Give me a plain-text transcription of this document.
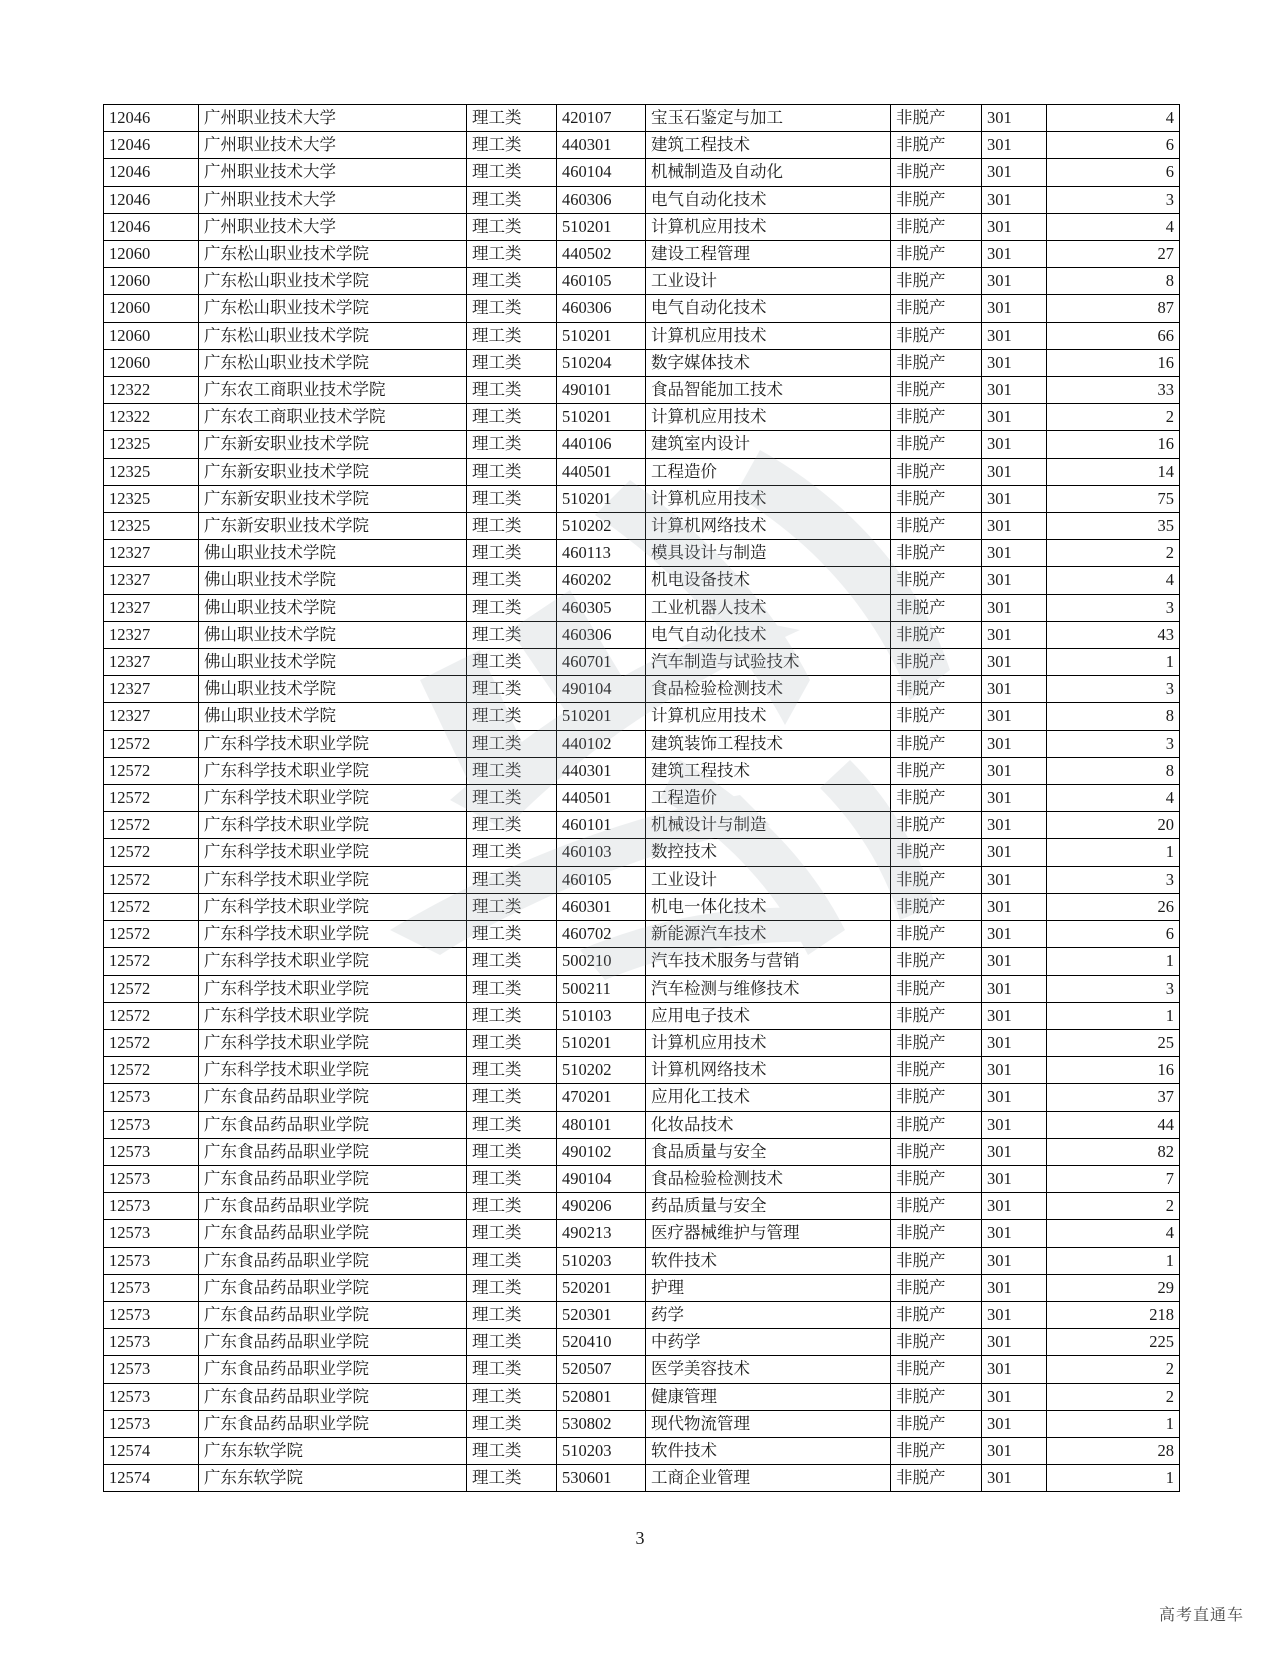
12046	广州职业技术大学	理工类	420107	宝玉石鉴定与加工	非脱产	301	4
12046	广州职业技术大学	理工类	440301	建筑工程技术	非脱产	301	6
12046	广州职业技术大学	理工类	460104	机械制造及自动化	非脱产	301	6
12046	广州职业技术大学	理工类	460306	电气自动化技术	非脱产	301	3
12046	广州职业技术大学	理工类	510201	计算机应用技术	非脱产	301	4
12060	广东松山职业技术学院	理工类	440502	建设工程管理	非脱产	301	27
12060	广东松山职业技术学院	理工类	460105	工业设计	非脱产	301	8
12060	广东松山职业技术学院	理工类	460306	电气自动化技术	非脱产	301	87
12060	广东松山职业技术学院	理工类	510201	计算机应用技术	非脱产	301	66
12060	广东松山职业技术学院	理工类	510204	数字媒体技术	非脱产	301	16
12322	广东农工商职业技术学院	理工类	490101	食品智能加工技术	非脱产	301	33
12322	广东农工商职业技术学院	理工类	510201	计算机应用技术	非脱产	301	2
12325	广东新安职业技术学院	理工类	440106	建筑室内设计	非脱产	301	16
12325	广东新安职业技术学院	理工类	440501	工程造价	非脱产	301	14
12325	广东新安职业技术学院	理工类	510201	计算机应用技术	非脱产	301	75
12325	广东新安职业技术学院	理工类	510202	计算机网络技术	非脱产	301	35
12327	佛山职业技术学院	理工类	460113	模具设计与制造	非脱产	301	2
12327	佛山职业技术学院	理工类	460202	机电设备技术	非脱产	301	4
12327	佛山职业技术学院	理工类	460305	工业机器人技术	非脱产	301	3
12327	佛山职业技术学院	理工类	460306	电气自动化技术	非脱产	301	43
12327	佛山职业技术学院	理工类	460701	汽车制造与试验技术	非脱产	301	1
12327	佛山职业技术学院	理工类	490104	食品检验检测技术	非脱产	301	3
12327	佛山职业技术学院	理工类	510201	计算机应用技术	非脱产	301	8
12572	广东科学技术职业学院	理工类	440102	建筑装饰工程技术	非脱产	301	3
12572	广东科学技术职业学院	理工类	440301	建筑工程技术	非脱产	301	8
12572	广东科学技术职业学院	理工类	440501	工程造价	非脱产	301	4
12572	广东科学技术职业学院	理工类	460101	机械设计与制造	非脱产	301	20
12572	广东科学技术职业学院	理工类	460103	数控技术	非脱产	301	1
12572	广东科学技术职业学院	理工类	460105	工业设计	非脱产	301	3
12572	广东科学技术职业学院	理工类	460301	机电一体化技术	非脱产	301	26
12572	广东科学技术职业学院	理工类	460702	新能源汽车技术	非脱产	301	6
12572	广东科学技术职业学院	理工类	500210	汽车技术服务与营销	非脱产	301	1
12572	广东科学技术职业学院	理工类	500211	汽车检测与维修技术	非脱产	301	3
12572	广东科学技术职业学院	理工类	510103	应用电子技术	非脱产	301	1
12572	广东科学技术职业学院	理工类	510201	计算机应用技术	非脱产	301	25
12572	广东科学技术职业学院	理工类	510202	计算机网络技术	非脱产	301	16
12573	广东食品药品职业学院	理工类	470201	应用化工技术	非脱产	301	37
12573	广东食品药品职业学院	理工类	480101	化妆品技术	非脱产	301	44
12573	广东食品药品职业学院	理工类	490102	食品质量与安全	非脱产	301	82
12573	广东食品药品职业学院	理工类	490104	食品检验检测技术	非脱产	301	7
12573	广东食品药品职业学院	理工类	490206	药品质量与安全	非脱产	301	2
12573	广东食品药品职业学院	理工类	490213	医疗器械维护与管理	非脱产	301	4
12573	广东食品药品职业学院	理工类	510203	软件技术	非脱产	301	1
12573	广东食品药品职业学院	理工类	520201	护理	非脱产	301	29
12573	广东食品药品职业学院	理工类	520301	药学	非脱产	301	218
12573	广东食品药品职业学院	理工类	520410	中药学	非脱产	301	225
12573	广东食品药品职业学院	理工类	520507	医学美容技术	非脱产	301	2
12573	广东食品药品职业学院	理工类	520801	健康管理	非脱产	301	2
12573	广东食品药品职业学院	理工类	530802	现代物流管理	非脱产	301	1
12574	广东东软学院	理工类	510203	软件技术	非脱产	301	28
12574	广东东软学院	理工类	530601	工商企业管理	非脱产	301	1
3
高考直通车
